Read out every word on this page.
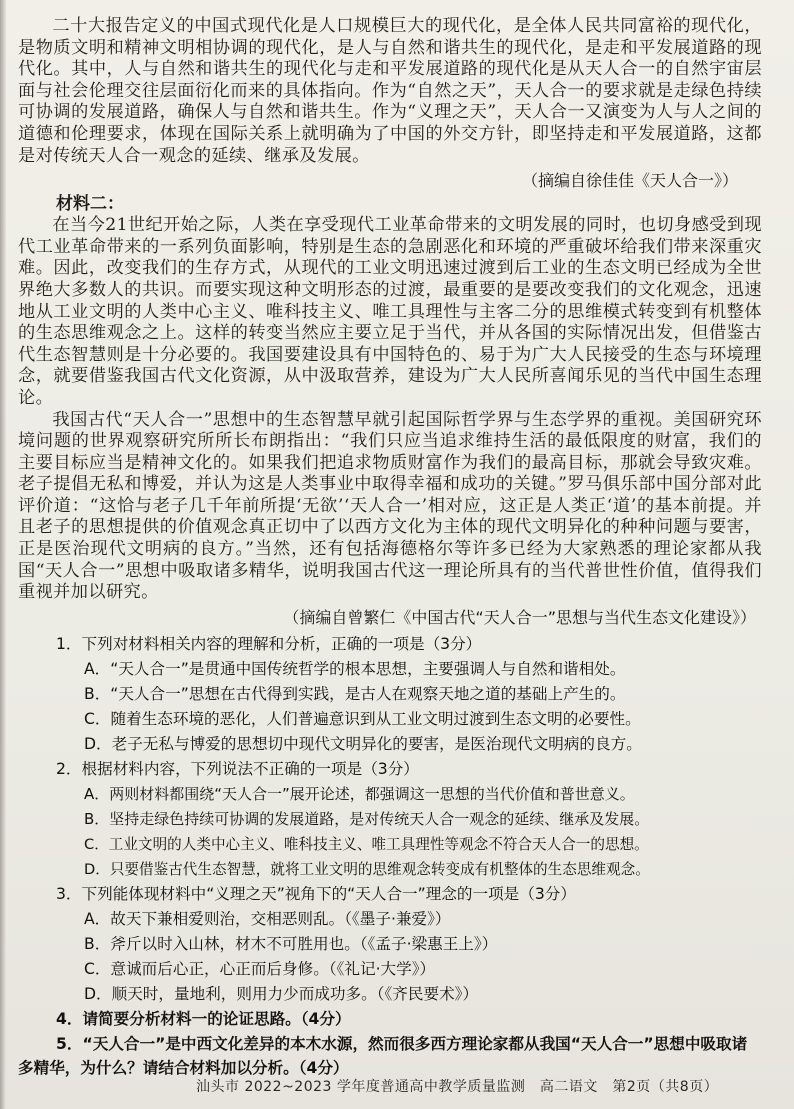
二十大报告定义的中国式现代化是人口规模巨大的现代化，是全体人民共同富裕的现代化，是物质文明和精神文明相协调的现代化，是人与自然和谐共生的现代化，是走和平发展道路的现代化。其中，人与自然和谐共生的现代化与走和平发展道路的现代化是从天人合一的自然宇宙层面与社会伦理交往层面衍化而来的具体指向。作为“自然之天”，天人合一的要求就是走绿色持续可协调的发展道路，确保人与自然和谐共生。作为“义理之天”，天人合一又演变为人与人之间的道德和伦理要求，体现在国际关系上就明确为了中国的外交方针，即坚持走和平发展道路，这都是对传统天人合一观念的延续、继承及发展。

（摘编自徐佳佳《天人合一》）
材料二：

在当今21世纪开始之际，人类在享受现代工业革命带来的文明发展的同时，也切身感受到现代工业革命带来的一系列负面影响，特别是生态的急剧恶化和环境的严重破坏给我们带来深重灾难。因此，改变我们的生存方式，从现代的工业文明迅速过渡到后工业的生态文明已经成为全世界绝大多数人的共识。而要实现这种文明形态的过渡，最重要的是要改变我们的文化观念，迅速地从工业文明的人类中心主义、唯科技主义、唯工具理性与主客二分的思维模式转变到有机整体的生态思维观念之上。这样的转变当然应主要立足于当代，并从各国的实际情况出发，但借鉴古代生态智慧则是十分必要的。我国要建设具有中国特色的、易于为广大人民接受的生态与环境理念，就要借鉴我国古代文化资源，从中汲取营养，建设为广大人民所喜闻乐见的当代中国生态理论。

我国古代“天人合一”思想中的生态智慧早就引起国际哲学界与生态学界的重视。美国研究环境问题的世界观察研究所所长布朗指出：“我们只应当追求维持生活的最低限度的财富，我们的主要目标应当是精神文化的。如果我们把追求物质财富作为我们的最高目标，那就会导致灾难。老子提倡无私和博爱，并认为这是人类事业中取得幸福和成功的关键。”罗马俱乐部中国分部对此评价道：“这恰与老子几千年前所提‘无欲’‘天人合一’相对应，这正是人类正‘道’的基本前提。并且老子的思想提供的价值观念真正切中了以西方文化为主体的现代文明异化的种种问题与要害，正是医治现代文明病的良方。”当然，还有包括海德格尔等许多已经为大家熟悉的理论家都从我国“天人合一”思想中吸取诸多精华，说明我国古代这一理论所具有的当代普世性价值，值得我们重视并加以研究。

（摘编自曾繁仁《中国古代“天人合一”思想与当代生态文化建设》）

1．下列对材料相关内容的理解和分析，正确的一项是（3分）

A．“天人合一”是贯通中国传统哲学的根本思想，主要强调人与自然和谐相处。

B．“天人合一”思想在古代得到实践，是古人在观察天地之道的基础上产生的。

C．随着生态环境的恶化，人们普遍意识到从工业文明过渡到生态文明的必要性。

D．老子无私与博爱的思想切中现代文明异化的要害，是医治现代文明病的良方。

2．根据材料内容，下列说法不正确的一项是（3分）

A．两则材料都围绕“天人合一”展开论述，都强调这一思想的当代价值和普世意义。

B．坚持走绿色持续可协调的发展道路，是对传统天人合一观念的延续、继承及发展。

C．工业文明的人类中心主义、唯科技主义、唯工具理性等观念不符合天人合一的思想。

D．只要借鉴古代生态智慧，就将工业文明的思维观念转变成有机整体的生态思维观念。

3．下列能体现材料中“义理之天”视角下的“天人合一”理念的一项是（3分）

A．故天下兼相爱则治，交相恶则乱。（《墨子·兼爱》）

B．斧斤以时入山林，材木不可胜用也。（《孟子·梁惠王上》）

C．意诚而后心正，心正而后身修。（《礼记·大学》）

D．顺天时，量地利，则用力少而成功多。（《齐民要术》）

4．请简要分析材料一的论证思路。（4分）

5．“天人合一”是中西文化差异的本木水源，然而很多西方理论家都从我国“天人合一”思想中吸取诸多精华，为什么？请结合材料加以分析。（4分）

汕头市 2022~2023 学年度普通高中教学质量监测　高二语文　第2页（共8页）
